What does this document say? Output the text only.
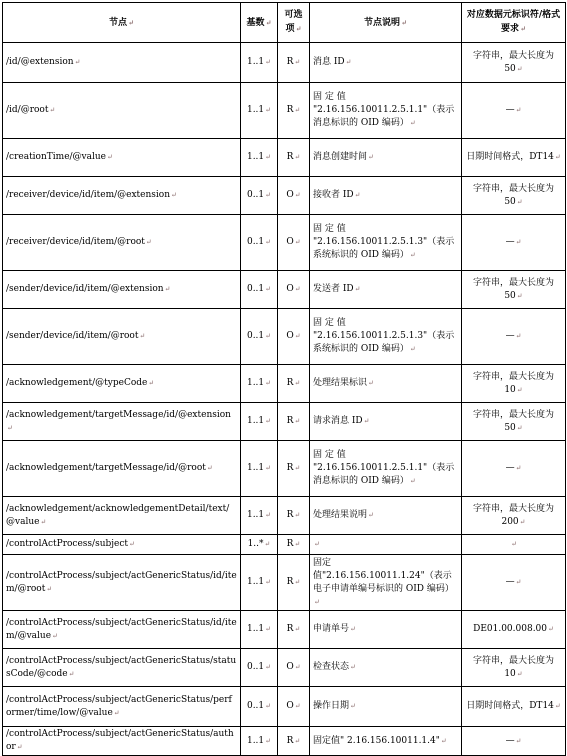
节点↵	基数↵	可选
项↵	节点说明↵	对应数据元标识符/格式要求↵
/id/@extension↵	1..1↵	R↵	消息 ID↵	字符串，最大长度为 50↵
/id/@root↵	1..1↵	R↵	固 定 值 "2.16.156.10011.2.5.1.1"（表示消息标识的 OID 编码）↵	—↵
/creationTime/@value↵	1..1↵	R↵	消息创建时间↵	日期时间格式，DT14↵
/receiver/device/id/item/@extension↵	0..1↵	O↵	接收者 ID↵	字符串，最大长度为 50↵
/receiver/device/id/item/@root↵	0..1↵	O↵	固 定 值 "2.16.156.10011.2.5.1.3"（表示系统标识的 OID 编码）↵	—↵
/sender/device/id/item/@extension↵	0..1↵	O↵	发送者 ID↵	字符串，最大长度为 50↵
/sender/device/id/item/@root↵	0..1↵	O↵	固 定 值 "2.16.156.10011.2.5.1.3"（表示系统标识的 OID 编码）↵	—↵
/acknowledgement/@typeCode↵	1..1↵	R↵	处理结果标识↵	字符串，最大长度为 10↵
/acknowledgement/targetMessage/id/@extension↵	1..1↵	R↵	请求消息 ID↵	字符串，最大长度为 50↵
/acknowledgement/targetMessage/id/@root↵	1..1↵	R↵	固 定 值 "2.16.156.10011.2.5.1.1"（表示消息标识的 OID 编码）↵	—↵
/acknowledgement/acknowledgementDetail/text/@value↵	1..1↵	R↵	处理结果说明↵	字符串，最大长度为 200↵
/controlActProcess/subject↵	1..*↵	R↵	↵	↵
/controlActProcess/subject/actGenericStatus/id/item/@root↵	1..1↵	R↵	固定值"2.16.156.10011.1.24"（表示电子申请单编号标识的 OID 编码）↵	—↵
/controlActProcess/subject/actGenericStatus/id/item/@value↵	1..1↵	R↵	申请单号↵	DE01.00.008.00↵
/controlActProcess/subject/actGenericStatus/statusCode/@code↵	0..1↵	O↵	检查状态↵	字符串，最大长度为 10↵
/controlActProcess/subject/actGenericStatus/performer/time/low/@value↵	0..1↵	O↵	操作日期↵	日期时间格式，DT14↵
/controlActProcess/subject/actGenericStatus/author↵	1..1↵	R↵	固定值" 2.16.156.10011.1.4"↵	—↵
